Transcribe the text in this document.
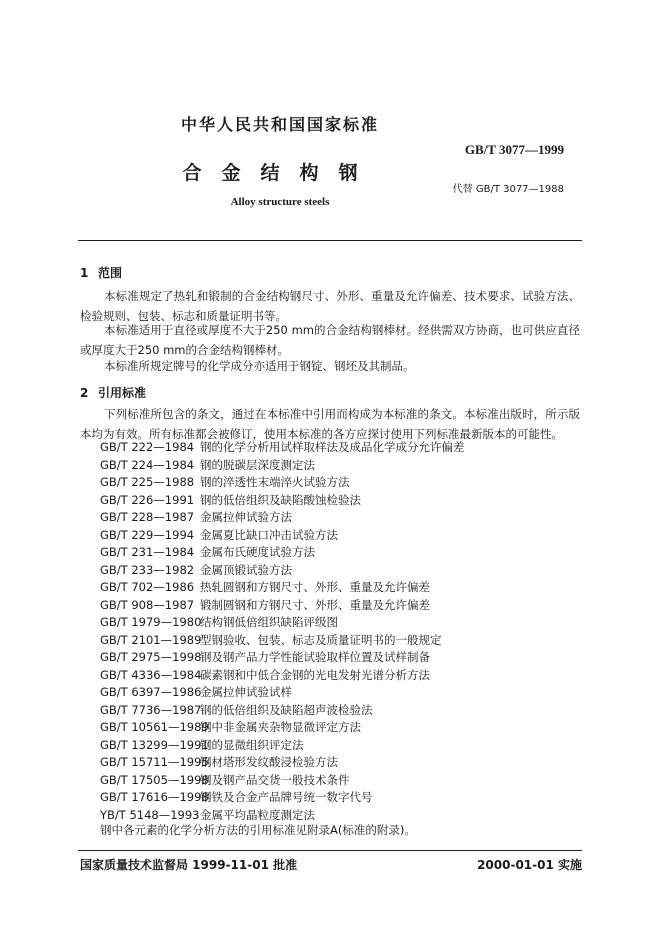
中华人民共和国国家标准
GB/T 3077—1999
合金结构钢
代替 GB/T 3077—1988
Alloy structure steels
1 范围
本标准规定了热轧和锻制的合金结构钢尺寸、外形、重量及允许偏差、技术要求、试验方法、检验规则、包装、标志和质量证明书等。
本标准适用于直径或厚度不大于250 mm的合金结构钢棒材。经供需双方协商，也可供应直径或厚度大于250 mm的合金结构钢棒材。
本标准所规定牌号的化学成分亦适用于钢锭、钢坯及其制品。
2 引用标准
下列标准所包含的条文，通过在本标准中引用而构成为本标准的条文。本标准出版时，所示版本均为有效。所有标准都会被修订，使用本标准的各方应探讨使用下列标准最新版本的可能性。
GB/T 222—1984 钢的化学分析用试样取样法及成品化学成分允许偏差
GB/T 224—1984 钢的脱碳层深度测定法
GB/T 225—1988 钢的淬透性末端淬火试验方法
GB/T 226—1991 钢的低倍组织及缺陷酸蚀检验法
GB/T 228—1987 金属拉伸试验方法
GB/T 229—1994 金属夏比缺口冲击试验方法
GB/T 231—1984 金属布氏硬度试验方法
GB/T 233—1982 金属顶锻试验方法
GB/T 702—1986 热轧圆钢和方钢尺寸、外形、重量及允许偏差
GB/T 908—1987 锻制圆钢和方钢尺寸、外形、重量及允许偏差
GB/T 1979—1980结构钢低倍组织缺陷评级图
GB/T 2101—1989型钢验收、包装、标志及质量证明书的一般规定
GB/T 2975—1998钢及钢产品力学性能试验取样位置及试样制备
GB/T 4336—1984碳素钢和中低合金钢的光电发射光谱分析方法
GB/T 6397—1986金属拉伸试验试样
GB/T 7736—1987钢的低倍组织及缺陷超声波检验法
GB/T 10561—1989钢中非金属夹杂物显微评定方法
GB/T 13299—1991钢的显微组织评定法
GB/T 15711—1995钢材塔形发纹酸浸检验方法
GB/T 17505—1998钢及钢产品交货一般技术条件
GB/T 17616—1998钢铁及合金产品牌号统一数字代号
YB/T 5148—1993金属平均晶粒度测定法
钢中各元素的化学分析方法的引用标准见附录A(标准的附录)。
国家质量技术监督局 1999-11-01 批准	2000-01-01 实施
